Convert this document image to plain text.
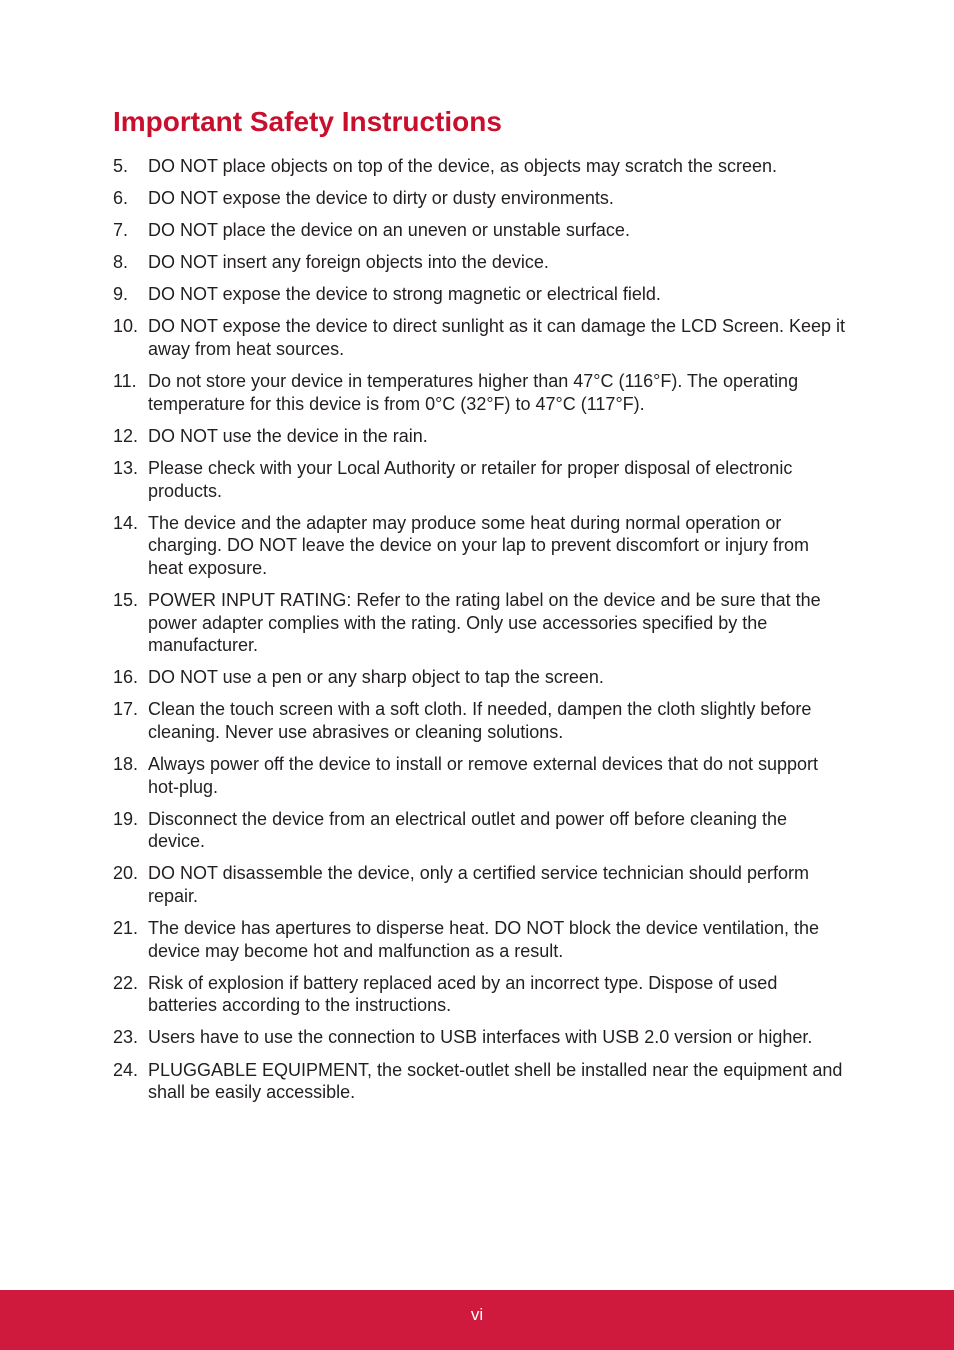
Important Safety Instructions
5.	DO NOT place objects on top of the device, as objects may scratch the screen.
6.	DO NOT expose the device to dirty or dusty environments.
7.	DO NOT place the device on an uneven or unstable surface.
8.	DO NOT insert any foreign objects into the device.
9.	DO NOT expose the device to strong magnetic or electrical field.
10. DO NOT expose the device to direct sunlight as it can damage the LCD Screen. Keep it away from heat sources.
11. Do not store your device in temperatures higher than 47°C (116°F). The operating temperature for this device is from 0°C (32°F) to 47°C (117°F).
12. DO NOT use the device in the rain.
13. Please check with your Local Authority or retailer for proper disposal of electronic products.
14. The device and the adapter may produce some heat during normal operation or charging. DO NOT leave the device on your lap to prevent discomfort or injury from heat exposure.
15. POWER INPUT RATING: Refer to the rating label on the device and be sure that the power adapter complies with the rating. Only use accessories specified by the manufacturer.
16. DO NOT use a pen or any sharp object to tap the screen.
17. Clean the touch screen with a soft cloth. If needed, dampen the cloth slightly before cleaning. Never use abrasives or cleaning solutions.
18. Always power off the device to install or remove external devices that do not support hot-plug.
19. Disconnect the device from an electrical outlet and power off before cleaning the device.
20. DO NOT disassemble the device, only a certified service technician should perform repair.
21. The device has apertures to disperse heat. DO NOT block the device ventilation, the device may become hot and malfunction as a result.
22. Risk of explosion if battery replaced aced by an incorrect type. Dispose of used batteries according to the instructions.
23. Users have to use the connection to USB interfaces with USB 2.0 version or higher.
24. PLUGGABLE EQUIPMENT, the socket-outlet shell be installed near the equipment and shall be easily accessible.
vi
